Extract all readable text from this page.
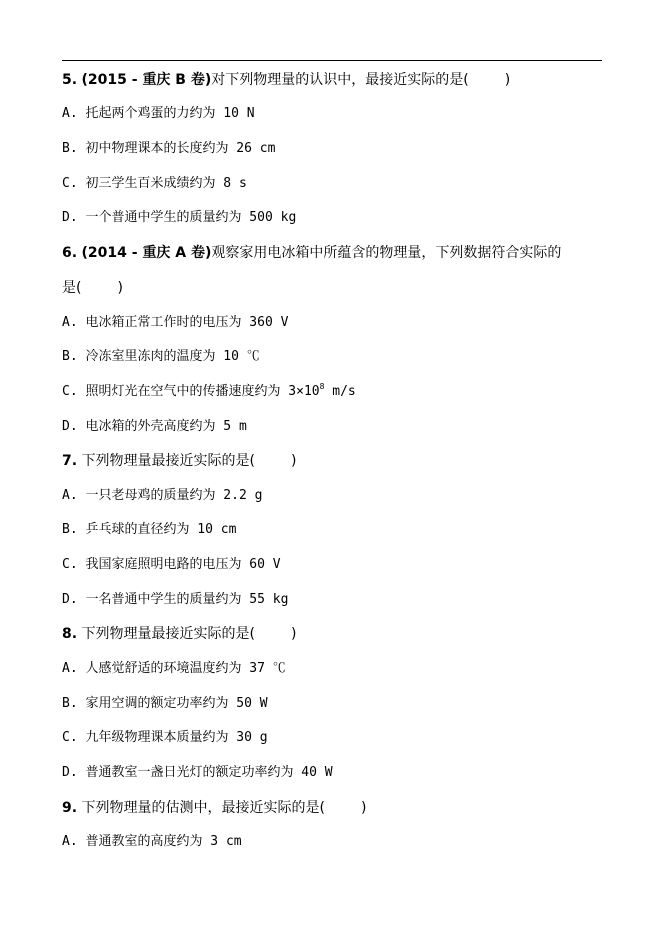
5. (2015 - 重庆 B 卷)对下列物理量的认识中，最接近实际的是(	)
A. 托起两个鸡蛋的力约为 10 N
B. 初中物理课本的长度约为 26 cm
C. 初三学生百米成绩约为 8 s
D. 一个普通中学生的质量约为 500 kg
6. (2014 - 重庆 A 卷)观察家用电冰箱中所蕴含的物理量，下列数据符合实际的
是(	)
A. 电冰箱正常工作时的电压为 360 V
B. 冷冻室里冻肉的温度为 10 ℃
C. 照明灯光在空气中的传播速度约为 $3\times 10^8$ m/s
D. 电冰箱的外壳高度约为 5 m
7. 下列物理量最接近实际的是(	)
A. 一只老母鸡的质量约为 2.2 g
B. 乒乓球的直径约为 10 cm
C. 我国家庭照明电路的电压为 60 V
D. 一名普通中学生的质量约为 55 kg
8. 下列物理量最接近实际的是(	)
A. 人感觉舒适的环境温度约为 37 ℃
B. 家用空调的额定功率约为 50 W
C. 九年级物理课本质量约为 30 g
D. 普通教室一盏日光灯的额定功率约为 40 W
9. 下列物理量的估测中，最接近实际的是(	)
A. 普通教室的高度约为 3 cm
